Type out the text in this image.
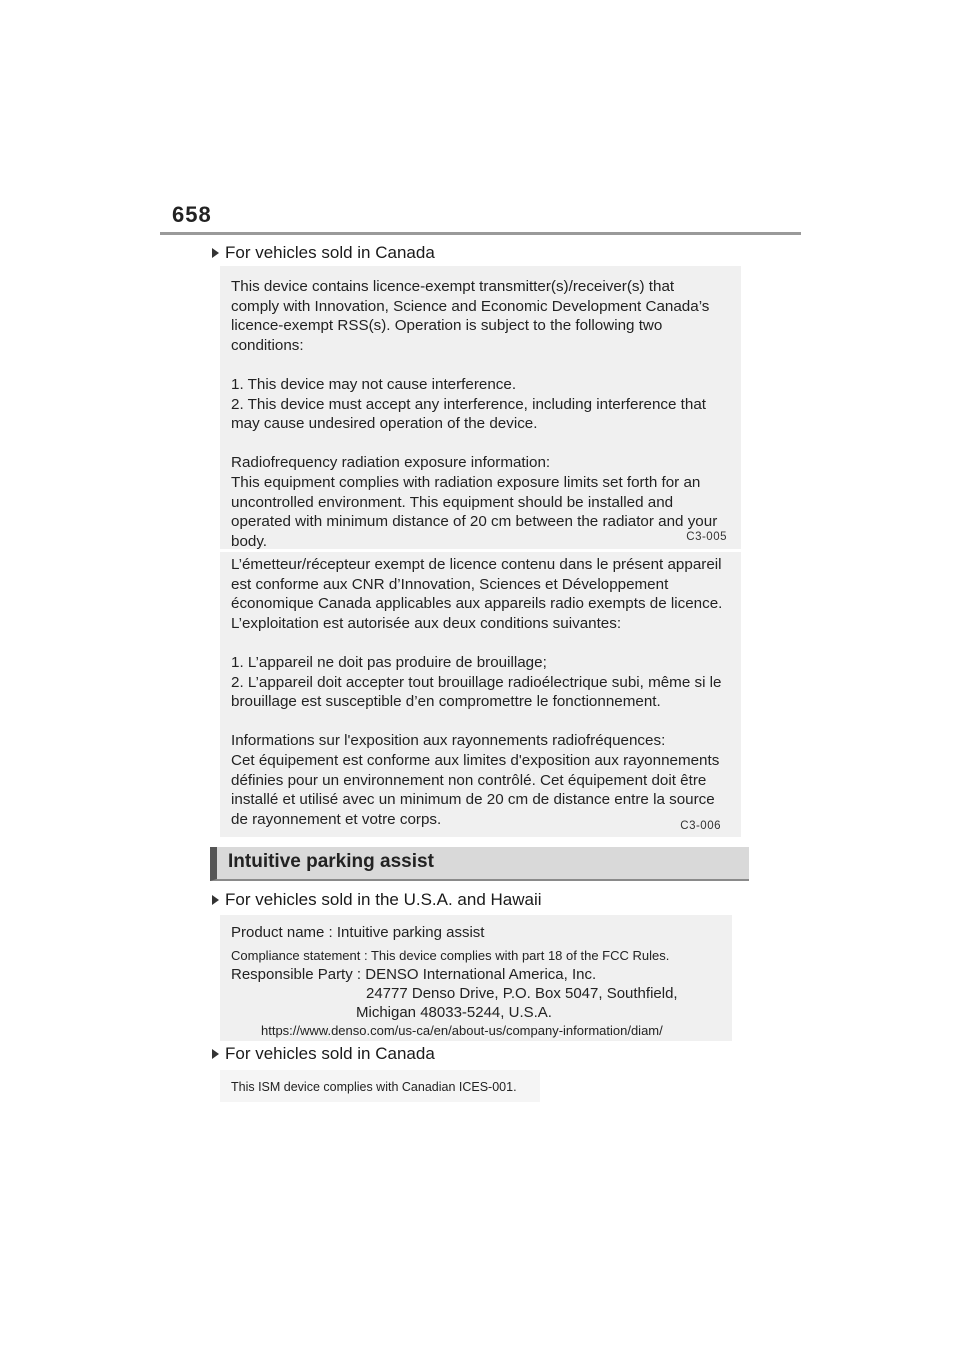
658
For vehicles sold in Canada

This device contains licence-exempt transmitter(s)/receiver(s) that

comply with Innovation, Science and Economic Development Canada’s

licence-exempt RSS(s). Operation is subject to the following two

conditions:

1. This device may not cause interference.

2. This device must accept any interference, including interference that

may cause undesired operation of the device.

Radiofrequency radiation exposure information:

This equipment complies with radiation exposure limits set forth for an

uncontrolled environment. This equipment should be installed and

operated with minimum distance of 20 cm between the radiator and your

body.	C3-005

L’émetteur/récepteur exempt de licence contenu dans le présent appareil

est conforme aux CNR d’Innovation, Sciences et Développement

économique Canada applicables aux appareils radio exempts de licence.

L’exploitation est autorisée aux deux conditions suivantes:

1. L’appareil ne doit pas produire de brouillage;

2. L’appareil doit accepter tout brouillage radioélectrique subi, même si le

brouillage est susceptible d’en compromettre le fonctionnement.

Informations sur l'exposition aux rayonnements radiofréquences:

Cet équipement est conforme aux limites d'exposition aux rayonnements

définies pour un environnement non contrôlé. Cet équipement doit être

installé et utilisé avec un minimum de 20 cm de distance entre la source

de rayonnement et votre corps.	C3-006
Intuitive parking assist
For vehicles sold in the U.S.A. and Hawaii

Product name : Intuitive parking assist

Compliance statement : This device complies with part 18 of the FCC Rules.

Responsible Party : DENSO International America, Inc.

24777 Denso Drive, P.O. Box 5047, Southfield,

Michigan 48033-5244, U.S.A.

https://www.denso.com/us-ca/en/about-us/company-information/diam/

For vehicles sold in Canada

This ISM device complies with Canadian ICES-001.
